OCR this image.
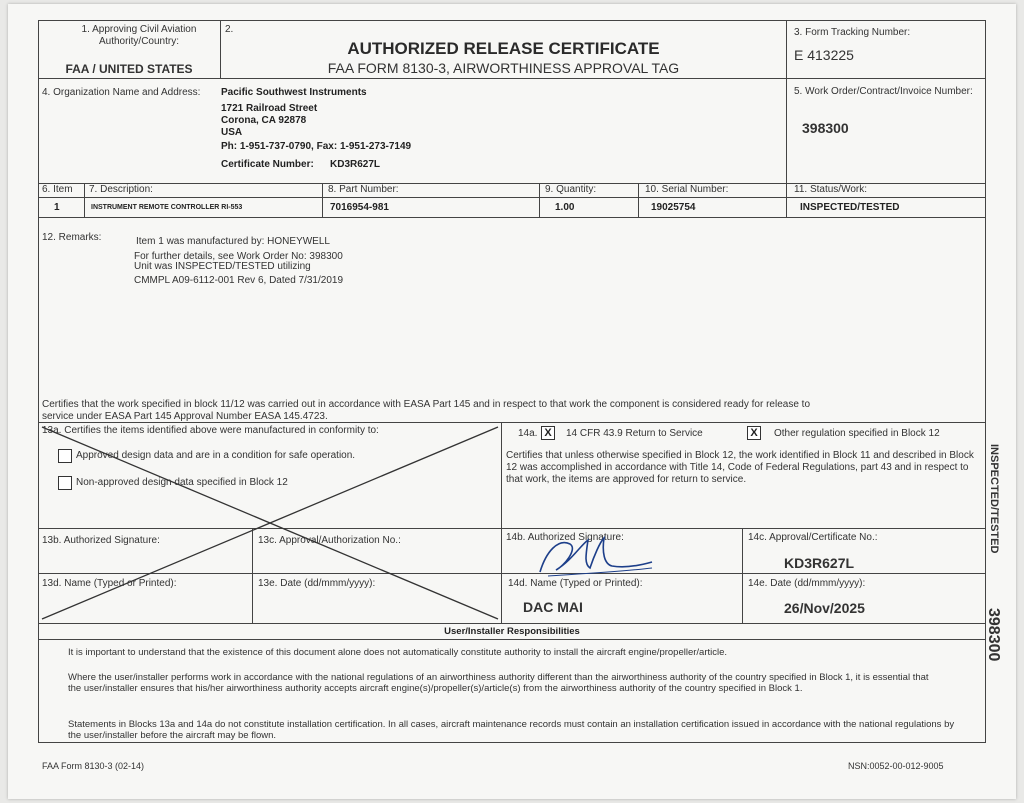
1. Approving Civil Aviation Authority/Country:
FAA / UNITED STATES
2.
AUTHORIZED RELEASE CERTIFICATE
FAA FORM 8130-3, AIRWORTHINESS APPROVAL TAG
3. Form Tracking Number:
E 413225
4. Organization Name and Address: Pacific Southwest Instruments
1721 Railroad Street
Corona, CA 92878
USA
Ph: 1-951-737-0790, Fax: 1-951-273-7149
Certificate Number: KD3R627L
5. Work Order/Contract/Invoice Number:
398300
6. Item 7. Description:	8. Part Number:	9. Quantity:	10. Serial Number:	11. Status/Work:
1	INSTRUMENT REMOTE CONTROLLER RI-553	7016954-981	1.00	19025754	INSPECTED/TESTED
12. Remarks:	Item 1 was manufactured by: HONEYWELL
For further details, see Work Order No: 398300
Unit was INSPECTED/TESTED utilizing
CMMPL A09-6112-001 Rev 6, Dated 7/31/2019
Certifies that the work specified in block 11/12 was carried out in accordance with EASA Part 145 and in respect to that work the component is considered ready for release to service under EASA Part 145 Approval Number EASA 145.4723.
13a. Certifies the items identified above were manufactured in conformity to:
Approved design data and are in a condition for safe operation.
Non-approved design data specified in Block 12
14a. X	14 CFR 43.9 Return to Service	X	Other regulation specified in Block 12
Certifies that unless otherwise specified in Block 12, the work identified in Block 11 and described in Block 12 was accomplished in accordance with Title 14, Code of Federal Regulations, part 43 and in respect to that work, the items are approved for return to service.
13b. Authorized Signature:	13c. Approval/Authorization No.:	14b. Authorized Signature:	14c. Approval/Certificate No.:
KD3R627L
13d. Name (Typed or Printed):	13e. Date (dd/mmm/yyyy):	14d. Name (Typed or Printed):
DAC MAI
14e. Date (dd/mmm/yyyy):
26/Nov/2025
User/Installer Responsibilities
It is important to understand that the existence of this document alone does not automatically constitute authority to install the aircraft engine/propeller/article.
Where the user/installer performs work in accordance with the national regulations of an airworthiness authority different than the airworthiness authority of the country specified in Block 1, it is essential that the user/installer ensures that his/her airworthiness authority accepts aircraft engine(s)/propeller(s)/article(s) from the airworthiness authority of the country specified in Block 1.
Statements in Blocks 13a and 14a do not constitute installation certification. In all cases, aircraft maintenance records must contain an installation certification issued in accordance with the national regulations by the user/installer before the aircraft may be flown.
FAA Form 8130-3 (02-14)	NSN:0052-00-012-9005
INSPECTED/TESTED
398300
